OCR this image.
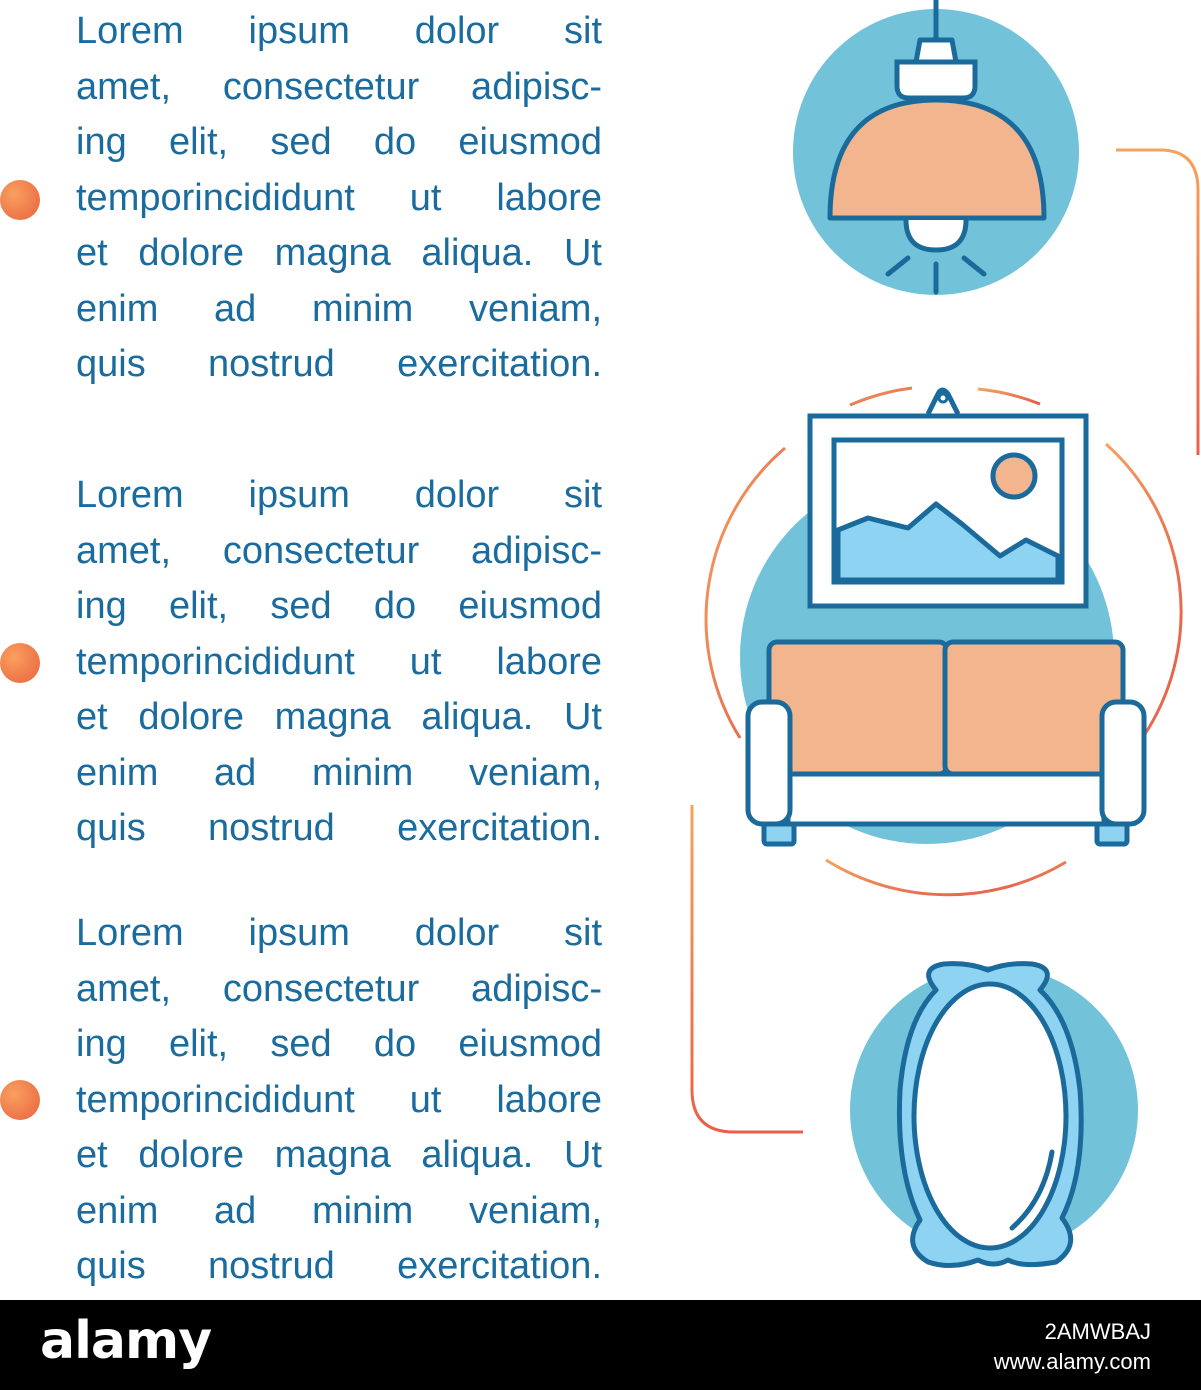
Lorem ipsum dolor sit
amet, consectetur adipisc-
ing elit, sed do eiusmod
temporincididunt ut labore
et dolore magna aliqua. Ut
enim ad minim veniam,
quis nostrud exercitation.

Lorem ipsum dolor sit
amet, consectetur adipisc-
ing elit, sed do eiusmod
temporincididunt ut labore
et dolore magna aliqua. Ut
enim ad minim veniam,
quis nostrud exercitation.

Lorem ipsum dolor sit
amet, consectetur adipisc-
ing elit, sed do eiusmod
temporincididunt ut labore
et dolore magna aliqua. Ut
enim ad minim veniam,
quis nostrud exercitation.

alamy	2AMWBAJ
www.alamy.com
